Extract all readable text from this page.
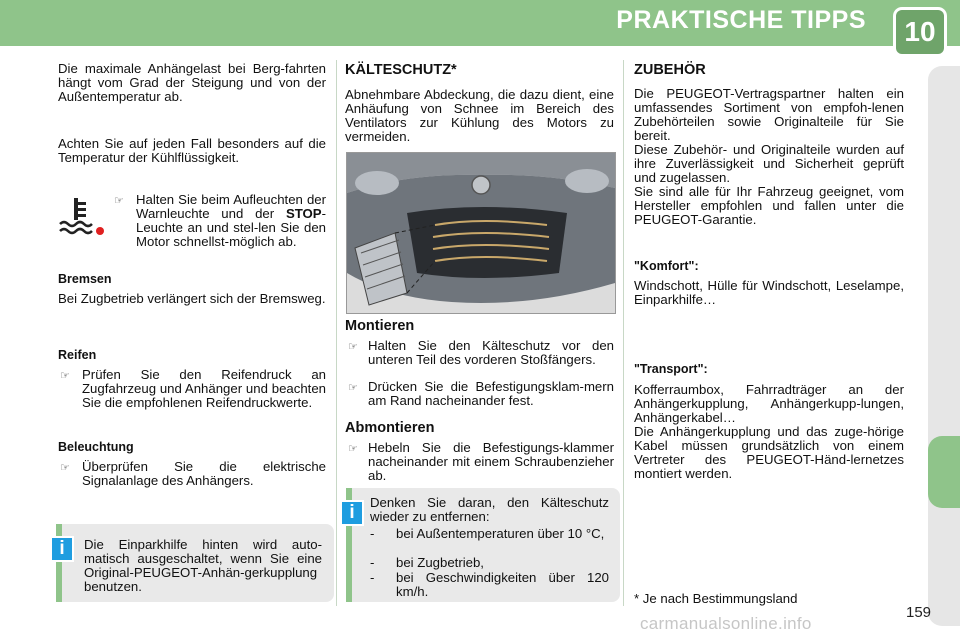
PRAKTISCHE TIPPS	10

Die maximale Anhängelast bei Berg-fahrten hängt vom Grad der Steigung und von der Außentemperatur ab.

Achten Sie auf jeden Fall besonders auf die Temperatur der Kühlflüssigkeit.

☞ Halten Sie beim Aufleuchten der Warnleuchte und der STOP-Leuchte an und stel-len Sie den Motor schnellst-möglich ab.

Bremsen

Bei Zugbetrieb verlängert sich der Bremsweg.

Reifen

☞ Prüfen Sie den Reifendruck an Zugfahrzeug und Anhänger und beachten Sie die empfohlenen Reifendruckwerte.

Beleuchtung

☞ Überprüfen Sie die elektrische Signalanlage des Anhängers.

i	Die Einparkhilfe hinten wird auto-matisch ausgeschaltet, wenn Sie eine Original-PEUGEOT-Anhän-gerkupplung benutzen.

KÄLTESCHUTZ*

Abnehmbare Abdeckung, die dazu dient, eine Anhäufung von Schnee im Bereich des Ventilators zur Kühlung des Motors zu vermeiden.

Montieren

☞ Halten Sie den Kälteschutz vor den unteren Teil des vorderen Stoßfängers.

☞ Drücken Sie die Befestigungsklam-mern am Rand nacheinander fest.

Abmontieren

☞ Hebeln Sie die Befestigungs-klammer nacheinander mit einem Schraubenzieher ab.

i	Denken Sie daran, den Kälteschutz wieder zu entfernen:

- bei Außentemperaturen über 10 °C,

- bei Zugbetrieb,

- bei Geschwindigkeiten über 120 km/h.

ZUBEHÖR

Die PEUGEOT-Vertragspartner halten ein umfassendes Sortiment von empfoh-lenen Zubehörteilen sowie Originalteile für Sie bereit.

Diese Zubehör- und Originalteile wurden auf ihre Zuverlässigkeit und Sicherheit geprüft und zugelassen.

Sie sind alle für Ihr Fahrzeug geeignet, vom Hersteller empfohlen und fallen unter die PEUGEOT-Garantie.

"Komfort":

Windschott, Hülle für Windschott, Leselampe, Einparkhilfe…

"Transport":

Kofferraumbox, Fahrradträger an der Anhängerkupplung, Anhängerkupp-lungen, Anhängerkabel…

Die Anhängerkupplung und das zuge-hörige Kabel müssen grundsätzlich von einem Vertreter des PEUGEOT-Händ-lernetzes montiert werden.

* Je nach Bestimmungsland

159

carmanualsonline.info
